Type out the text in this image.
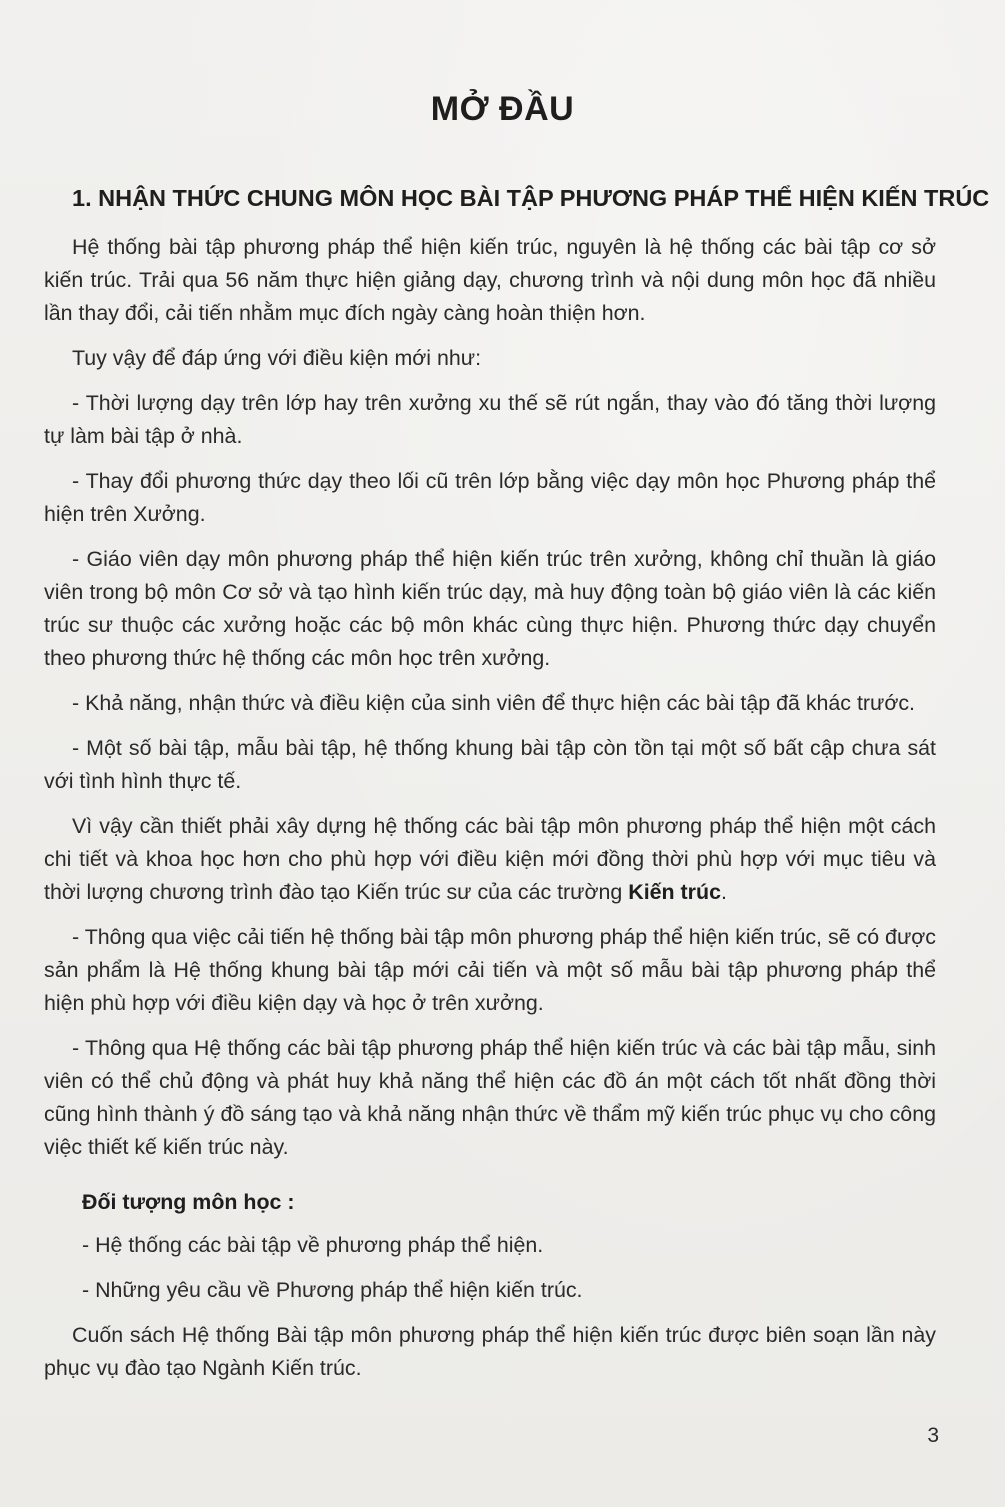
MỞ ĐẦU
1. NHẬN THỨC CHUNG MÔN HỌC BÀI TẬP PHƯƠNG PHÁP THỂ HIỆN KIẾN TRÚC

Hệ thống bài tập phương pháp thể hiện kiến trúc, nguyên là hệ thống các bài tập cơ sở kiến trúc. Trải qua 56 năm thực hiện giảng dạy, chương trình và nội dung môn học đã nhiều lần thay đổi, cải tiến nhằm mục đích ngày càng hoàn thiện hơn.

Tuy vậy để đáp ứng với điều kiện mới như:

- Thời lượng dạy trên lớp hay trên xưởng xu thế sẽ rút ngắn, thay vào đó tăng thời lượng tự làm bài tập ở nhà.

- Thay đổi phương thức dạy theo lối cũ trên lớp bằng việc dạy môn học Phương pháp thể hiện trên Xưởng.

- Giáo viên dạy môn phương pháp thể hiện kiến trúc trên xưởng, không chỉ thuần là giáo viên trong bộ môn Cơ sở và tạo hình kiến trúc dạy, mà huy động toàn bộ giáo viên là các kiến trúc sư thuộc các xưởng hoặc các bộ môn khác cùng thực hiện. Phương thức dạy chuyển theo phương thức hệ thống các môn học trên xưởng.

- Khả năng, nhận thức và điều kiện của sinh viên để thực hiện các bài tập đã khác trước.

- Một số bài tập, mẫu bài tập, hệ thống khung bài tập còn tồn tại một số bất cập chưa sát với tình hình thực tế.

Vì vậy cần thiết phải xây dựng hệ thống các bài tập môn phương pháp thể hiện một cách chi tiết và khoa học hơn cho phù hợp với điều kiện mới đồng thời phù hợp với mục tiêu và thời lượng chương trình đào tạo Kiến trúc sư của các trường Kiến trúc.

- Thông qua việc cải tiến hệ thống bài tập môn phương pháp thể hiện kiến trúc, sẽ có được sản phẩm là Hệ thống khung bài tập mới cải tiến và một số mẫu bài tập phương pháp thể hiện phù hợp với điều kiện dạy và học ở trên xưởng.

- Thông qua Hệ thống các bài tập phương pháp thể hiện kiến trúc và các bài tập mẫu, sinh viên có thể chủ động và phát huy khả năng thể hiện các đồ án một cách tốt nhất đồng thời cũng hình thành ý đồ sáng tạo và khả năng nhận thức về thẩm mỹ kiến trúc phục vụ cho công việc thiết kế kiến trúc này.

Đối tượng môn học :

- Hệ thống các bài tập về phương pháp thể hiện.

- Những yêu cầu về Phương pháp thể hiện kiến trúc.

Cuốn sách Hệ thống Bài tập môn phương pháp thể hiện kiến trúc được biên soạn lần này phục vụ đào tạo Ngành Kiến trúc.

3
